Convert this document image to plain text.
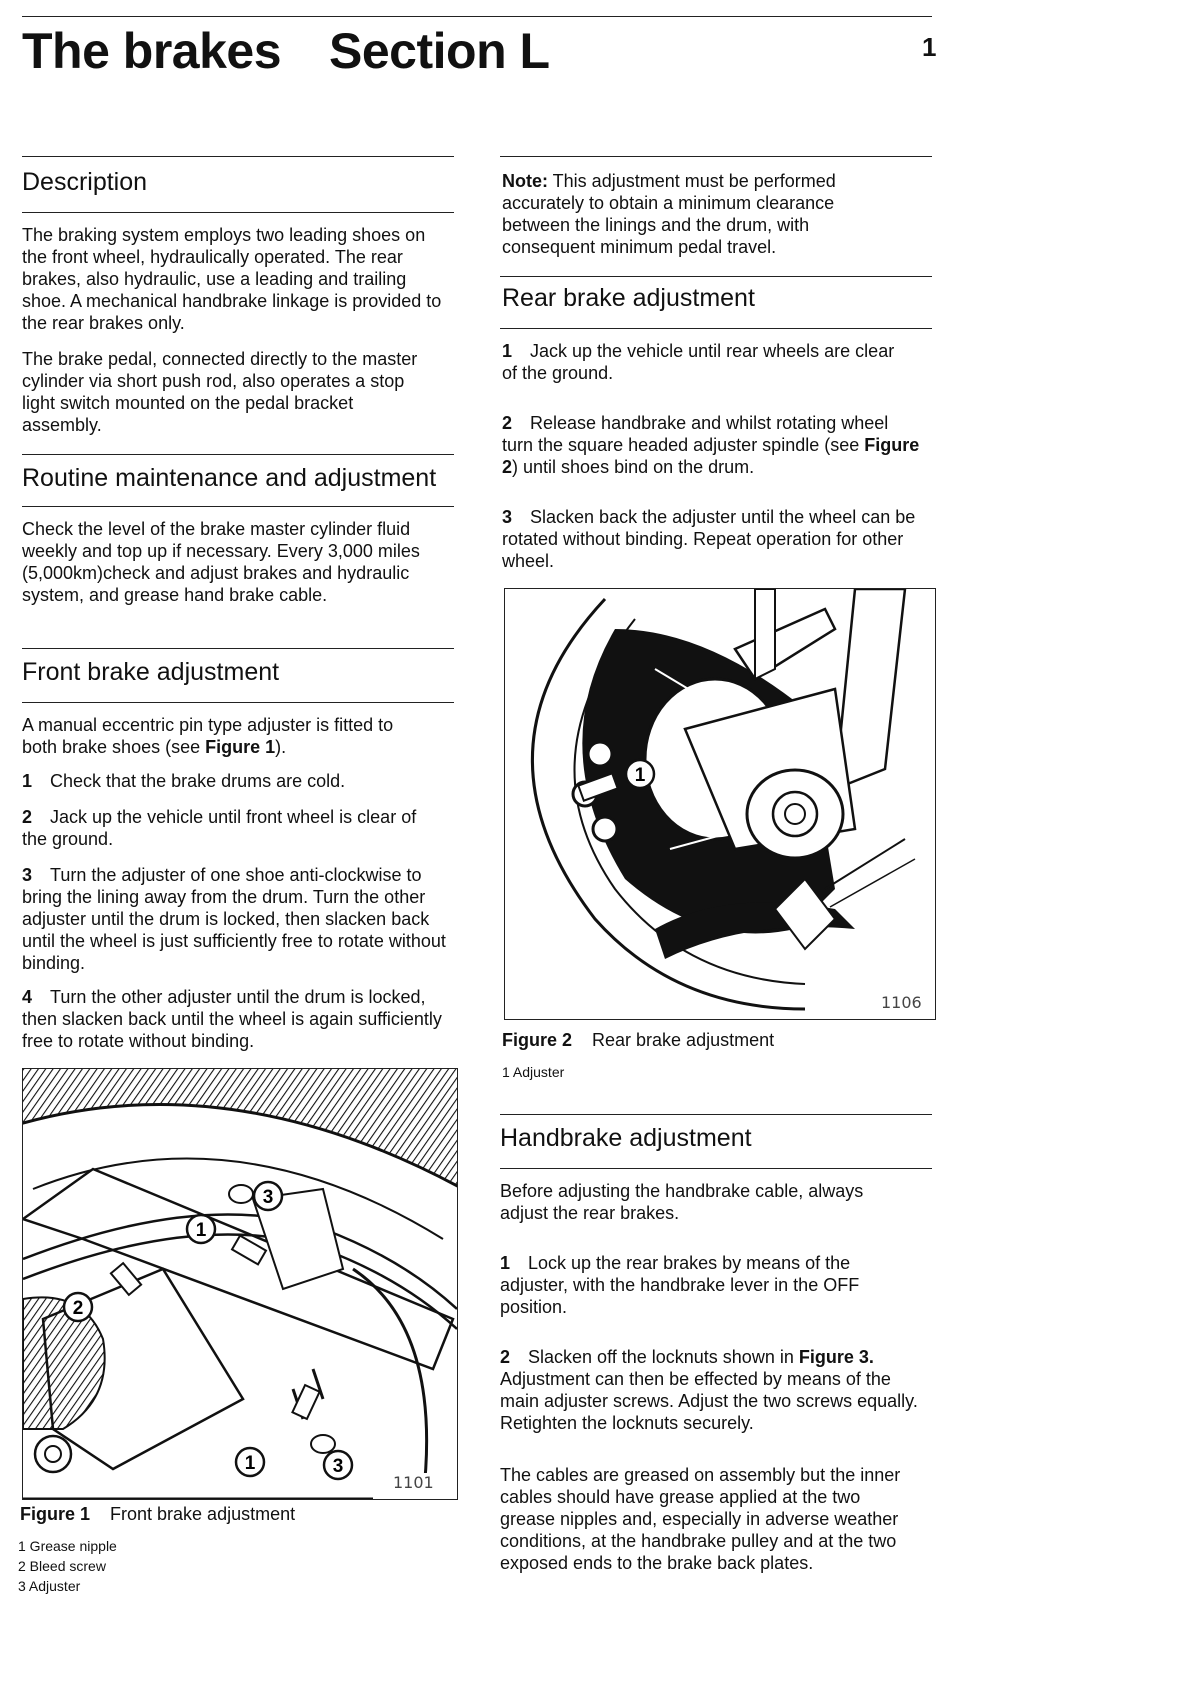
The brakes Section L	1
Description
The braking system employs two leading shoes on the front wheel, hydraulically operated. The rear brakes, also hydraulic, use a leading and trailing shoe. A mechanical handbrake linkage is provided to the rear brakes only.
The brake pedal, connected directly to the master cylinder via short push rod, also operates a stop light switch mounted on the pedal bracket assembly.
Routine maintenance and adjustment
Check the level of the brake master cylinder fluid weekly and top up if necessary. Every 3,000 miles (5,000km)check and adjust brakes and hydraulic system, and grease hand brake cable.
Front brake adjustment
A manual eccentric pin type adjuster is fitted to both brake shoes (see Figure 1).
1 Check that the brake drums are cold.
2 Jack up the vehicle until front wheel is clear of the ground.
3 Turn the adjuster of one shoe anti-clockwise to bring the lining away from the drum. Turn the other adjuster until the drum is locked, then slacken back until the wheel is just sufficiently free to rotate without binding.
4 Turn the other adjuster until the drum is locked, then slacken back until the wheel is again sufficiently free to rotate without binding.
1
2
3
1	3
1101
Figure 1 Front brake adjustment
1 Grease nipple
2 Bleed screw
3 Adjuster
Note: This adjustment must be performed accurately to obtain a minimum clearance between the linings and the drum, with consequent minimum pedal travel.
Rear brake adjustment
1 Jack up the vehicle until rear wheels are clear of the ground.
2 Release handbrake and whilst rotating wheel turn the square headed adjuster spindle (see Figure 2) until shoes bind on the drum.
3 Slacken back the adjuster until the wheel can be rotated without binding. Repeat operation for other wheel.
1
1106
Figure 2 Rear brake adjustment
1 Adjuster
Handbrake adjustment
Before adjusting the handbrake cable, always adjust the rear brakes.
1 Lock up the rear brakes by means of the adjuster, with the handbrake lever in the OFF position.
2 Slacken off the locknuts shown in Figure 3. Adjustment can then be effected by means of the main adjuster screws. Adjust the two screws equally. Retighten the locknuts securely.
The cables are greased on assembly but the inner cables should have grease applied at the two grease nipples and, especially in adverse weather conditions, at the handbrake pulley and at the two exposed ends to the brake back plates.
